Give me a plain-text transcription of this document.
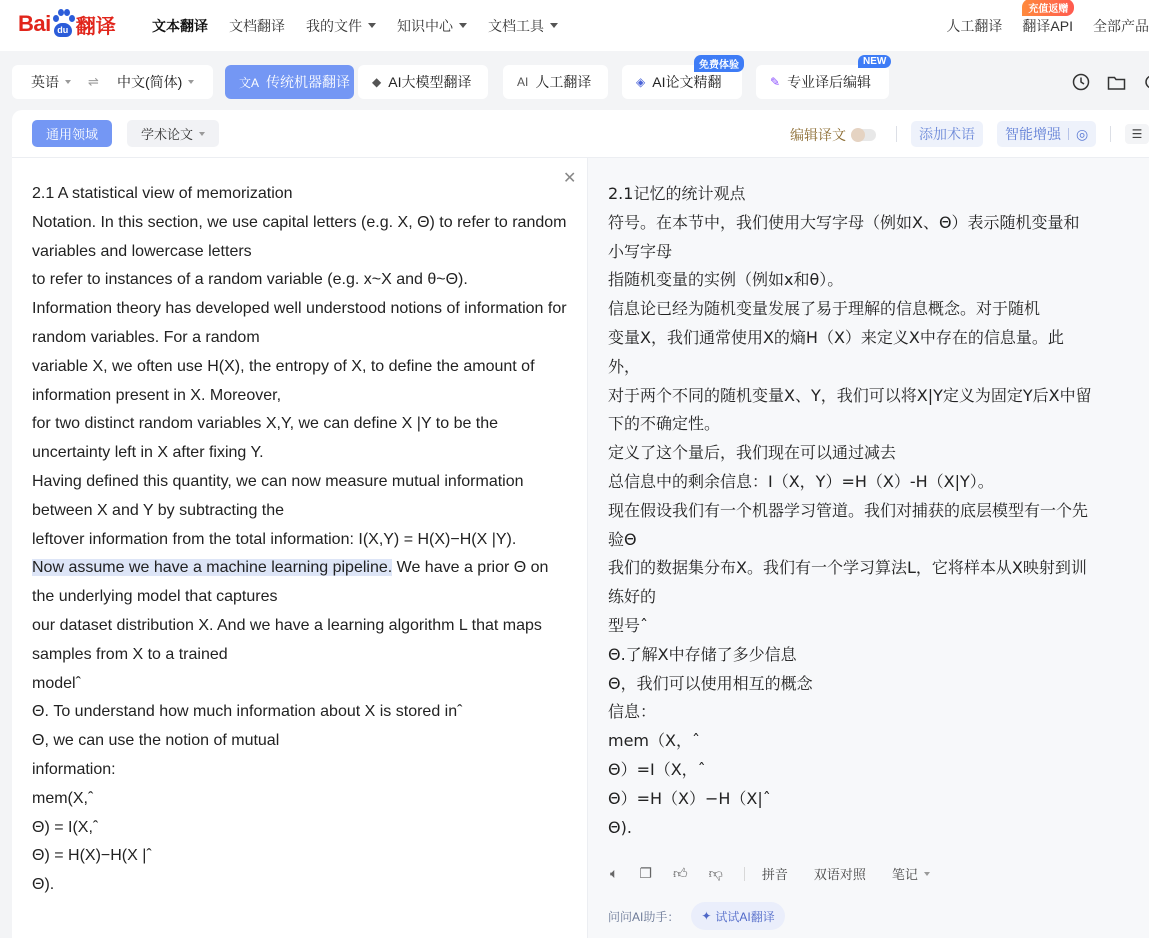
Bai du 翻译	文本翻译 文档翻译 我的文件	知识中心	文档工具	人工翻译
充值返赠
翻译API 全部产品
英语 ⇌ 中文(简体)	文A 传统机器翻译 ◆ AI大模型翻译	AI 人工翻译
免费体验
◈ AI论文精翻
NEW
✎ 专业译后编辑
通用领域	学术论文	编辑译文	添加术语	智能增强 ◎	☰
✕
2.1 A statistical view of memorization
Notation. In this section, we use capital letters (e.g. X, Θ) to refer to random
variables and lowercase letters
to refer to instances of a random variable (e.g. x~X and θ~Θ).
Information theory has developed well understood notions of information for
random variables. For a random
variable X, we often use H(X), the entropy of X, to define the amount of
information present in X. Moreover,
for two distinct random variables X,Y, we can define X |Y to be the
uncertainty left in X after fixing Y.
Having defined this quantity, we can now measure mutual information
between X and Y by subtracting the
leftover information from the total information: I(X,Y) = H(X)−H(X |Y).
Now assume we have a machine learning pipeline. We have a prior Θ on
the underlying model that captures
our dataset distribution X. And we have a learning algorithm L that maps
samples from X to a trained
modelˆ
Θ. To understand how much information about X is stored inˆ
Θ, we can use the notion of mutual
information:
mem(X,ˆ
Θ) = I(X,ˆ
Θ) = H(X)−H(X |ˆ
Θ).
2.1记忆的统计观点
符号。在本节中，我们使用大写字母（例如X、Θ）表示随机变量和
小写字母
指随机变量的实例（例如x和θ）。
信息论已经为随机变量发展了易于理解的信息概念。对于随机
变量X，我们通常使用X的熵H（X）来定义X中存在的信息量。此
外，
对于两个不同的随机变量X、Y，我们可以将X|Y定义为固定Y后X中留
下的不确定性。
定义了这个量后，我们现在可以通过减去
总信息中的剩余信息：I（X，Y）=H（X）-H（X|Y）。
现在假设我们有一个机器学习管道。我们对捕获的底层模型有一个先
验Θ
我们的数据集分布X。我们有一个学习算法L，它将样本从X映射到训
练好的
型号ˆ
Θ.了解X中存储了多少信息
Θ，我们可以使用相互的概念
信息：
mem（X，ˆ
Θ）=I（X，ˆ
Θ）=H（X）−H（X|ˆ
Θ).
🔈︎ ❐ 👍︎ 👎︎	拼音 双语对照 笔记
问问AI助手： ✦ 试试AI翻译
